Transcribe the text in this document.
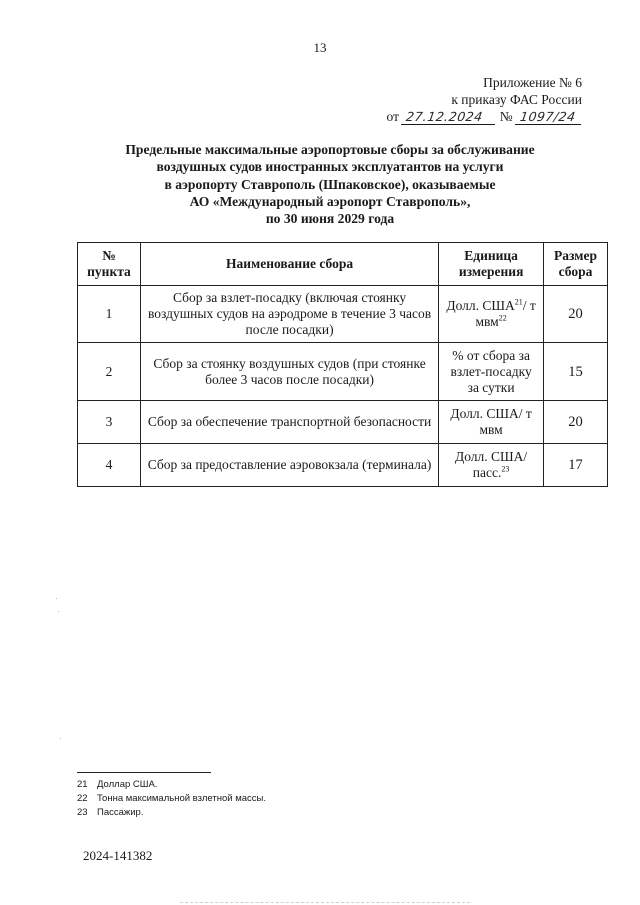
13
Приложение № 6
к приказу ФАС России
от 27.12.2024 № 1097/24
Предельные максимальные аэропортовые сборы за обслуживание
воздушных судов иностранных эксплуатантов на услуги
в аэропорту Ставрополь (Шпаковское), оказываемые
АО «Международный аэропорт Ставрополь»,
по 30 июня 2029 года
№ пункта	Наименование сбора	Единица измерения	Размер сбора
1	Сбор за взлет-посадку (включая стоянку воздушных судов на аэродроме в течение 3 часов после посадки)	Долл. США$^{21}$/ т мвм$^{22}$	20
2	Сбор за стоянку воздушных судов (при стоянке более 3 часов после посадки)	% от сбора за взлет-посадку за сутки	15
3	Сбор за обеспечение транспортной безопасности	Долл. США/ т мвм	20
4	Сбор за предоставление аэровокзала (терминала)	Долл. США/ пасс.$^{23}$	17
21 Доллар США.
22 Тонна максимальной взлетной массы.
23 Пассажир.
2024-141382
